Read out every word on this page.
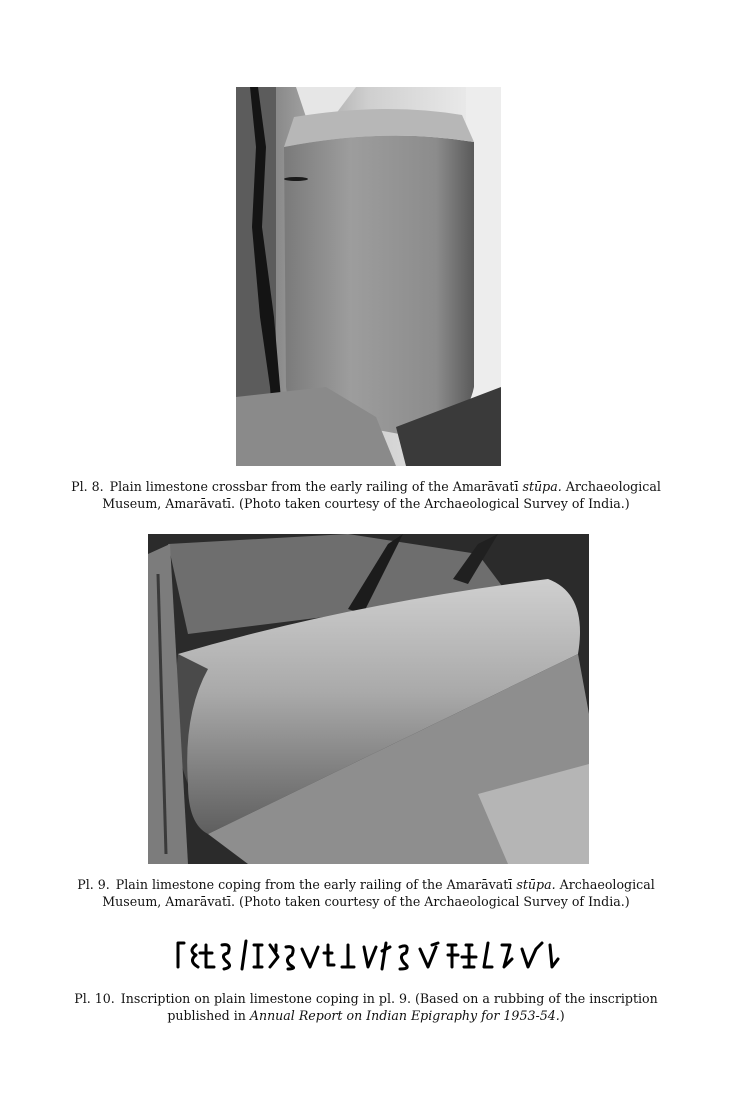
Pl. 8. Plain limestone crossbar from the early railing of the Amarāvatī stūpa. Archaeological Museum, Amarāvatī. (Photo taken courtesy of the Archaeological Survey of India.)
Pl. 9. Plain limestone coping from the early railing of the Amarāvatī stūpa. Archaeological Museum, Amarāvatī. (Photo taken courtesy of the Archaeological Survey of India.)
Pl. 10. Inscription on plain limestone coping in pl. 9. (Based on a rubbing of the inscription published in Annual Report on Indian Epigraphy for 1953-54.)
